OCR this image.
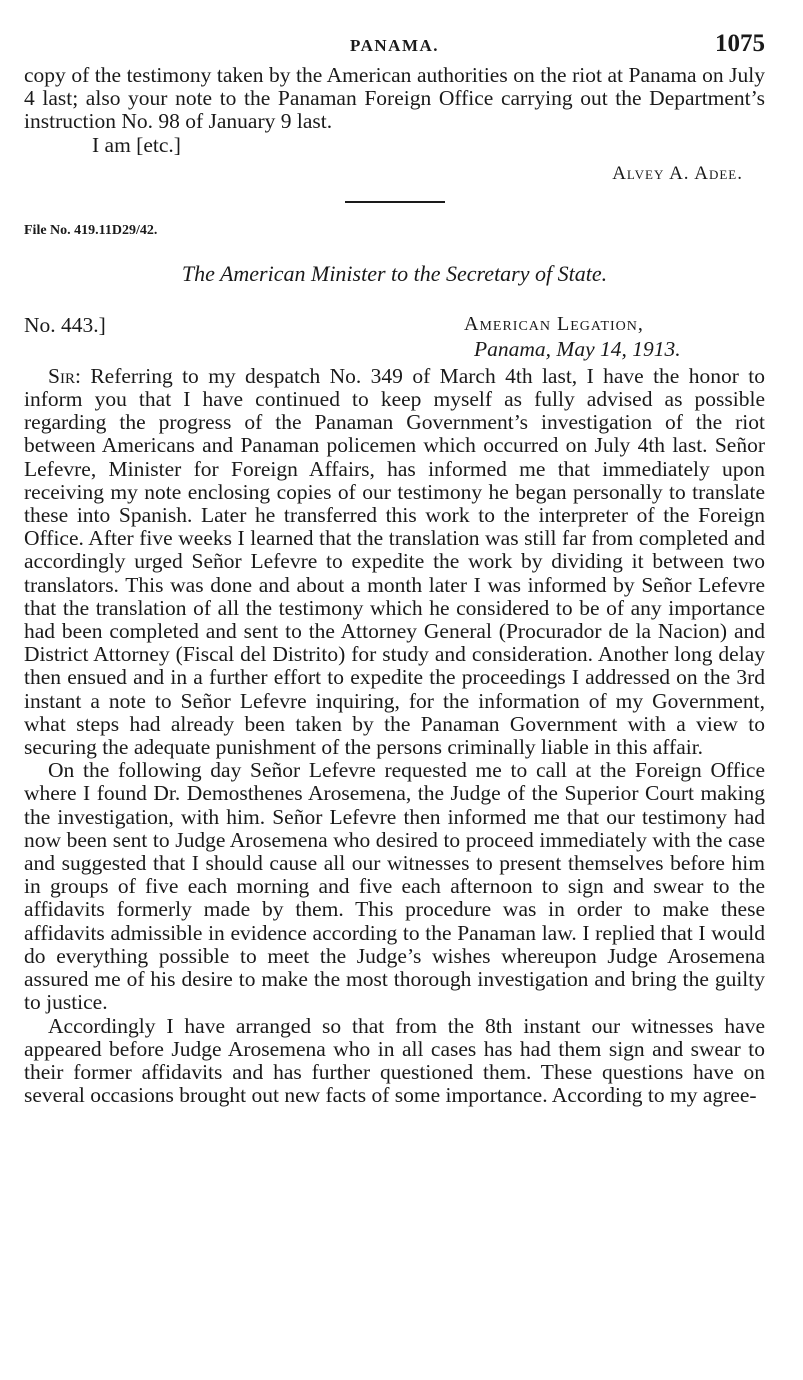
PANAMA.	1075

copy of the testimony taken by the American authorities on the riot at Panama on July 4 last; also your note to the Panaman Foreign Office carrying out the Department’s instruction No. 98 of January 9 last.

I am [etc.]
Alvey A. Adee.
File No. 419.11D29/42.
The American Minister to the Secretary of State.
No. 443.]	American Legation,
Panama, May 14, 1913.

Sir: Referring to my despatch No. 349 of March 4th last, I have the honor to inform you that I have continued to keep myself as fully advised as possible regarding the progress of the Panaman Government’s investigation of the riot between Americans and Panaman policemen which occurred on July 4th last. Señor Lefevre, Minister for Foreign Affairs, has informed me that immediately upon receiving my note enclosing copies of our testimony he began personally to translate these into Spanish. Later he transferred this work to the interpreter of the Foreign Office. After five weeks I learned that the translation was still far from completed and accordingly urged Señor Lefevre to expedite the work by dividing it between two translators. This was done and about a month later I was informed by Señor Lefevre that the translation of all the testimony which he considered to be of any importance had been completed and sent to the Attorney General (Procurador de la Nacion) and District Attorney (Fiscal del Distrito) for study and consideration. Another long delay then ensued and in a further effort to expedite the proceedings I addressed on the 3rd instant a note to Señor Lefevre inquiring, for the information of my Government, what steps had already been taken by the Panaman Government with a view to securing the adequate punishment of the persons criminally liable in this affair.

On the following day Señor Lefevre requested me to call at the Foreign Office where I found Dr. Demosthenes Arosemena, the Judge of the Superior Court making the investigation, with him. Señor Lefevre then informed me that our testimony had now been sent to Judge Arosemena who desired to proceed immediately with the case and suggested that I should cause all our witnesses to present themselves before him in groups of five each morning and five each afternoon to sign and swear to the affidavits formerly made by them. This procedure was in order to make these affidavits admissible in evidence according to the Panaman law. I replied that I would do everything possible to meet the Judge’s wishes whereupon Judge Arosemena assured me of his desire to make the most thorough investigation and bring the guilty to justice.

Accordingly I have arranged so that from the 8th instant our witnesses have appeared before Judge Arosemena who in all cases has had them sign and swear to their former affidavits and has further questioned them. These questions have on several occasions brought out new facts of some importance. According to my agree-
